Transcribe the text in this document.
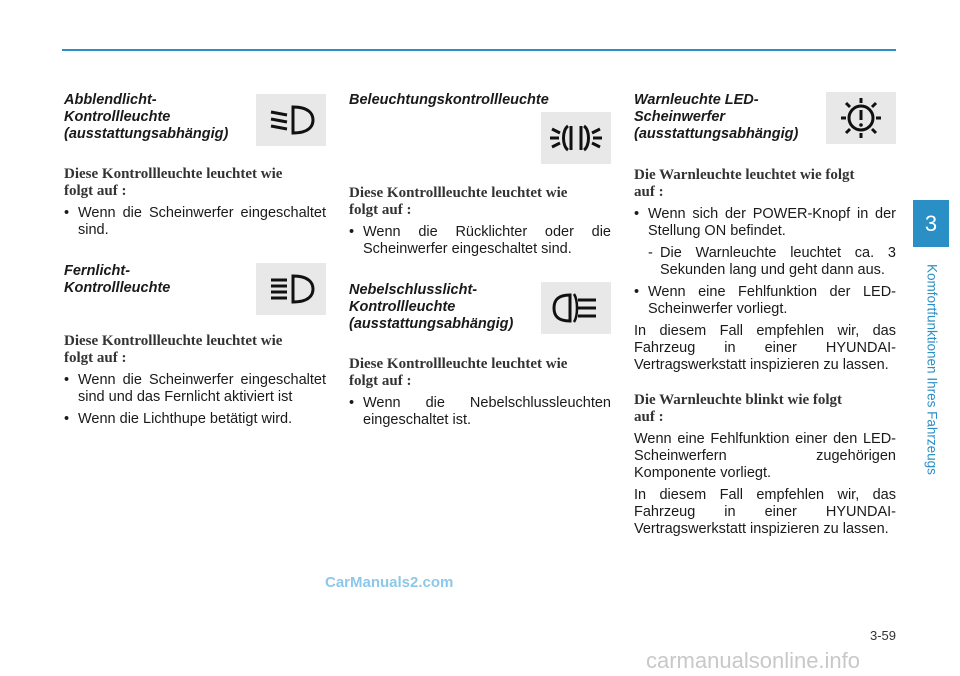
Abblendlicht-
Kontrollleuchte
(ausstattungsabhängig)

Diese Kontrollleuchte leuchtet wie
folgt auf :

• Wenn die Scheinwerfer eingeschaltet sind.

Fernlicht-
Kontrollleuchte

Diese Kontrollleuchte leuchtet wie
folgt auf :

• Wenn die Scheinwerfer eingeschaltet sind und das Fernlicht aktiviert ist

• Wenn die Lichthupe betätigt wird.

Beleuchtungskontrollleuchte

Diese Kontrollleuchte leuchtet wie
folgt auf :

• Wenn die Rücklichter oder die Scheinwerfer eingeschaltet sind.

Nebelschlusslicht-
Kontrollleuchte
(ausstattungsabhängig)

Diese Kontrollleuchte leuchtet wie
folgt auf :

• Wenn die Nebelschlussleuchten eingeschaltet ist.

Warnleuchte LED-
Scheinwerfer
(ausstattungsabhängig)

Die Warnleuchte leuchtet wie folgt
auf :

• Wenn sich der POWER-Knopf in der Stellung ON befindet.

- Die Warnleuchte leuchtet ca. 3 Sekunden lang und geht dann aus.

• Wenn eine Fehlfunktion der LED-Scheinwerfer vorliegt.

In diesem Fall empfehlen wir, das Fahrzeug in einer HYUNDAI-Vertragswerkstatt inspizieren zu lassen.

Die Warnleuchte blinkt wie folgt
auf :

Wenn eine Fehlfunktion einer den LED-Scheinwerfern zugehörigen Komponente vorliegt.

In diesem Fall empfehlen wir, das Fahrzeug in einer HYUNDAI-Vertragswerkstatt inspizieren zu lassen.

3
Komfortfunktionen Ihres Fahrzeugs
3-59
CarManuals2.com
carmanualsonline.info
